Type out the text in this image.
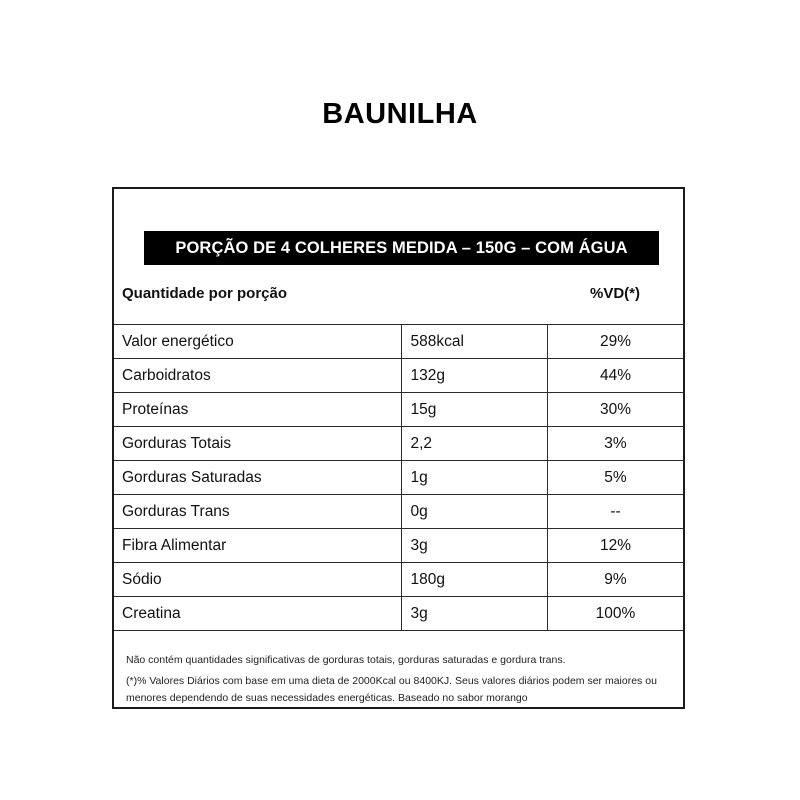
BAUNILHA
PORÇÃO DE 4 COLHERES MEDIDA – 150G – COM ÁGUA
Quantidade por porção	%VD(*)
Valor energético	588kcal	29%
Carboidratos	132g	44%
Proteínas	15g	30%
Gorduras Totais	2,2	3%
Gorduras Saturadas	1g	5%
Gorduras Trans	0g	--
Fibra Alimentar	3g	12%
Sódio	180g	9%
Creatina	3g	100%

Não contém quantidades significativas de gorduras totais, gorduras saturadas e gordura trans.

(*)% Valores Diários com base em uma dieta de 2000Kcal ou 8400KJ. Seus valores diários podem ser maiores ou menores dependendo de suas necessidades energéticas. Baseado no sabor morango
